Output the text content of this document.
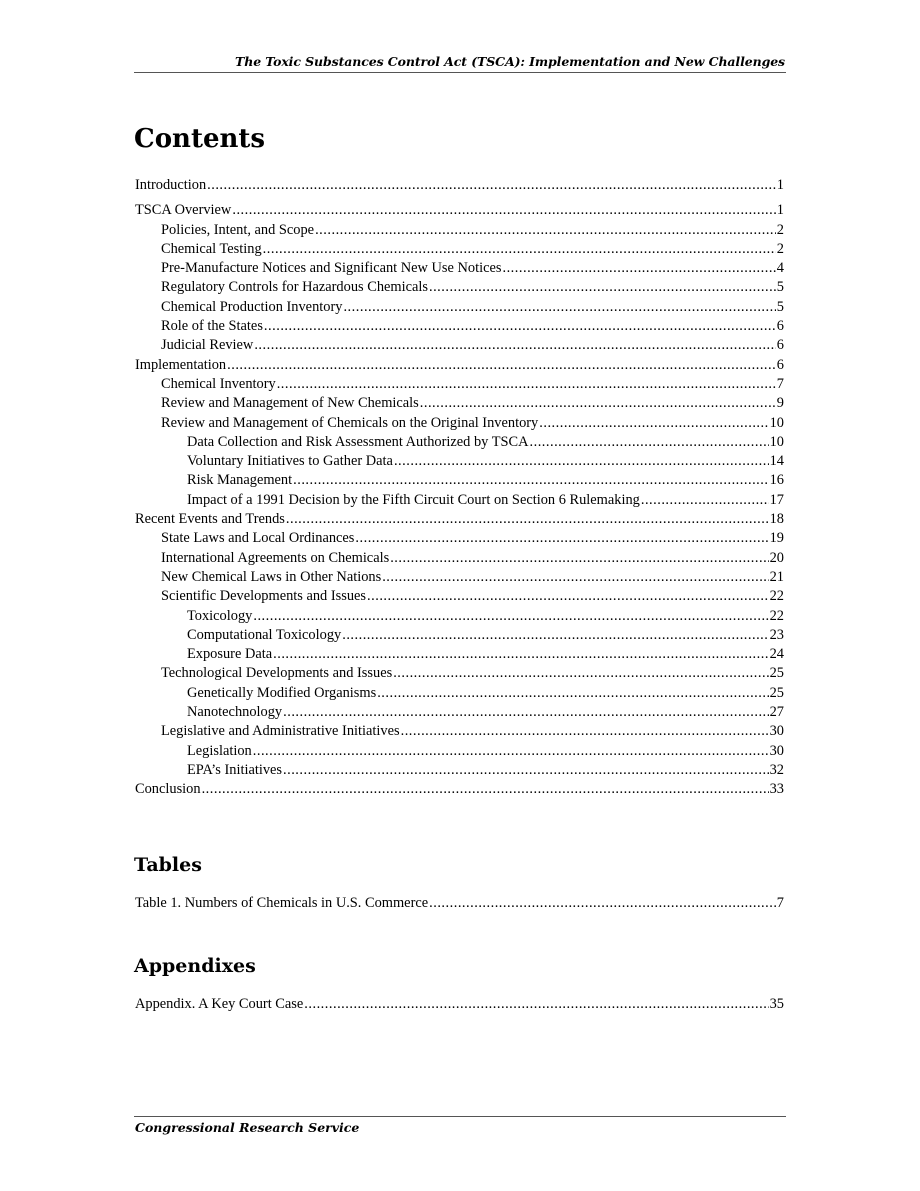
The Toxic Substances Control Act (TSCA): Implementation and New Challenges
Contents
Introduction .....	1
TSCA Overview .....	1
Policies, Intent, and Scope .....	2
Chemical Testing .....	2
Pre-Manufacture Notices and Significant New Use Notices .....	4
Regulatory Controls for Hazardous Chemicals .....	5
Chemical Production Inventory .....	5
Role of the States .....	6
Judicial Review .....	6
Implementation .....	6
Chemical Inventory .....	7
Review and Management of New Chemicals .....	9
Review and Management of Chemicals on the Original Inventory .....	10
Data Collection and Risk Assessment Authorized by TSCA .....	10
Voluntary Initiatives to Gather Data .....	14
Risk Management .....	16
Impact of a 1991 Decision by the Fifth Circuit Court on Section 6 Rulemaking .....	17
Recent Events and Trends .....	18
State Laws and Local Ordinances .....	19
International Agreements on Chemicals .....	20
New Chemical Laws in Other Nations .....	21
Scientific Developments and Issues .....	22
Toxicology .....	22
Computational Toxicology .....	23
Exposure Data .....	24
Technological Developments and Issues .....	25
Genetically Modified Organisms .....	25
Nanotechnology .....	27
Legislative and Administrative Initiatives .....	30
Legislation .....	30
EPA’s Initiatives .....	32
Conclusion .....	33
Tables
Table 1. Numbers of Chemicals in U.S. Commerce .....	7
Appendixes
Appendix. A Key Court Case .....	35
Congressional Research Service
